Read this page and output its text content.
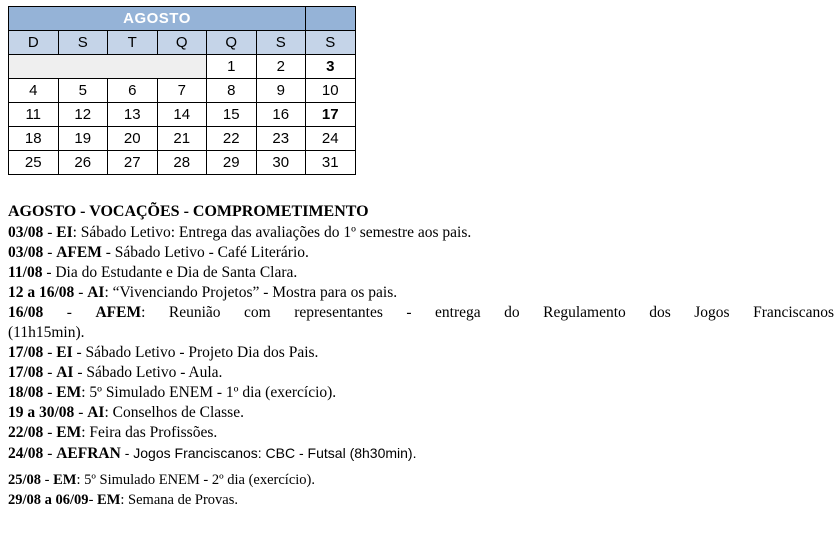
AGOSTO						
D	S	T	Q	Q	S	S
				1	2	3
4	5	6	7	8	9	10
11	12	13	14	15	16	17
18	19	20	21	22	23	24
25	26	27	28	29	30	31

AGOSTO - VOCAÇÕES - COMPROMETIMENTO

03/08 - EI: Sábado Letivo: Entrega das avaliações do 1º semestre aos pais.

03/08 - AFEM - Sábado Letivo - Café Literário.

11/08 - Dia do Estudante e Dia de Santa Clara.

12 a 16/08 - AI: “Vivenciando Projetos” - Mostra para os pais.

16/08 - AFEM: Reunião com representantes - entrega do Regulamento dos Jogos Franciscanos

(11h15min).

17/08 - EI - Sábado Letivo - Projeto Dia dos Pais.

17/08 - AI - Sábado Letivo - Aula.

18/08 - EM: 5º Simulado ENEM - 1º dia (exercício).

19 a 30/08 - AI: Conselhos de Classe.

22/08 - EM: Feira das Profissões.

24/08 - AEFRAN - Jogos Franciscanos: CBC - Futsal (8h30min).

25/08 - EM: 5º Simulado ENEM - 2º dia (exercício).

29/08 a 06/09- EM: Semana de Provas.
